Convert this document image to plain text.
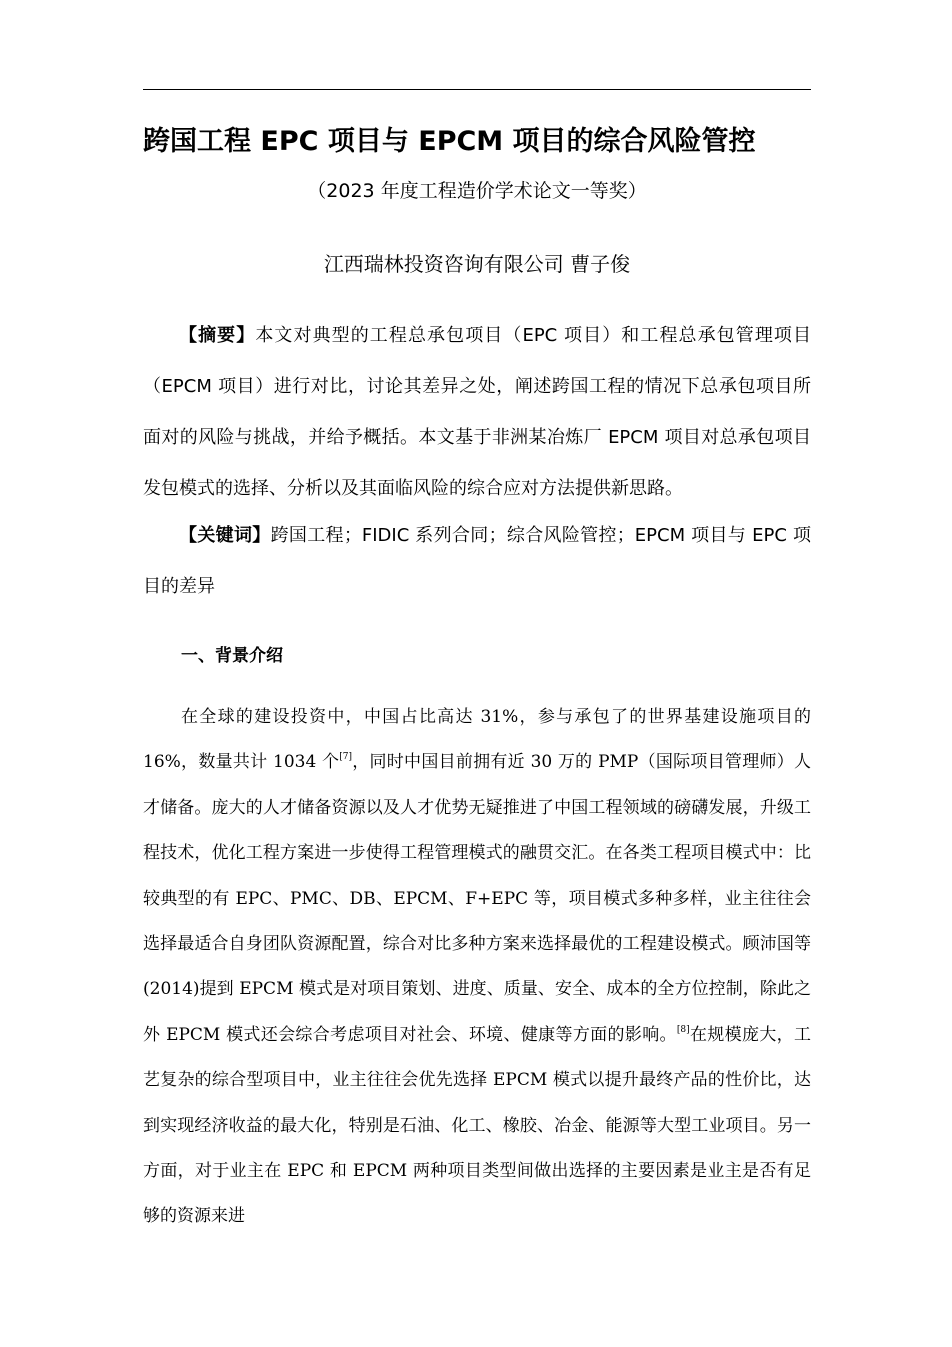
跨国工程 EPC 项目与 EPCM 项目的综合风险管控
（2023 年度工程造价学术论文一等奖）
江西瑞林投资咨询有限公司 曹子俊

【摘要】本文对典型的工程总承包项目（EPC 项目）和工程总承包管理项目（EPCM 项目）进行对比，讨论其差异之处，阐述跨国工程的情况下总承包项目所面对的风险与挑战，并给予概括。本文基于非洲某冶炼厂 EPCM 项目对总承包项目发包模式的选择、分析以及其面临风险的综合应对方法提供新思路。

【关键词】跨国工程；FIDIC 系列合同；综合风险管控；EPCM 项目与 EPC 项目的差异

一、背景介绍

在全球的建设投资中，中国占比高达 31%，参与承包了的世界基建设施项目的 16%，数量共计 1034 个[7]，同时中国目前拥有近 30 万的 PMP（国际项目管理师）人才储备。庞大的人才储备资源以及人才优势无疑推进了中国工程领域的磅礴发展，升级工程技术，优化工程方案进一步使得工程管理模式的融贯交汇。在各类工程项目模式中：比较典型的有 EPC、PMC、DB、EPCM、F+EPC 等，项目模式多种多样，业主往往会选择最适合自身团队资源配置，综合对比多种方案来选择最优的工程建设模式。顾沛国等(2014)提到 EPCM 模式是对项目策划、进度、质量、安全、成本的全方位控制，除此之外 EPCM 模式还会综合考虑项目对社会、环境、健康等方面的影响。[8]在规模庞大，工艺复杂的综合型项目中，业主往往会优先选择 EPCM 模式以提升最终产品的性价比，达到实现经济收益的最大化，特别是石油、化工、橡胶、冶金、能源等大型工业项目。另一方面，对于业主在 EPC 和 EPCM 两种项目类型间做出选择的主要因素是业主是否有足够的资源来进
